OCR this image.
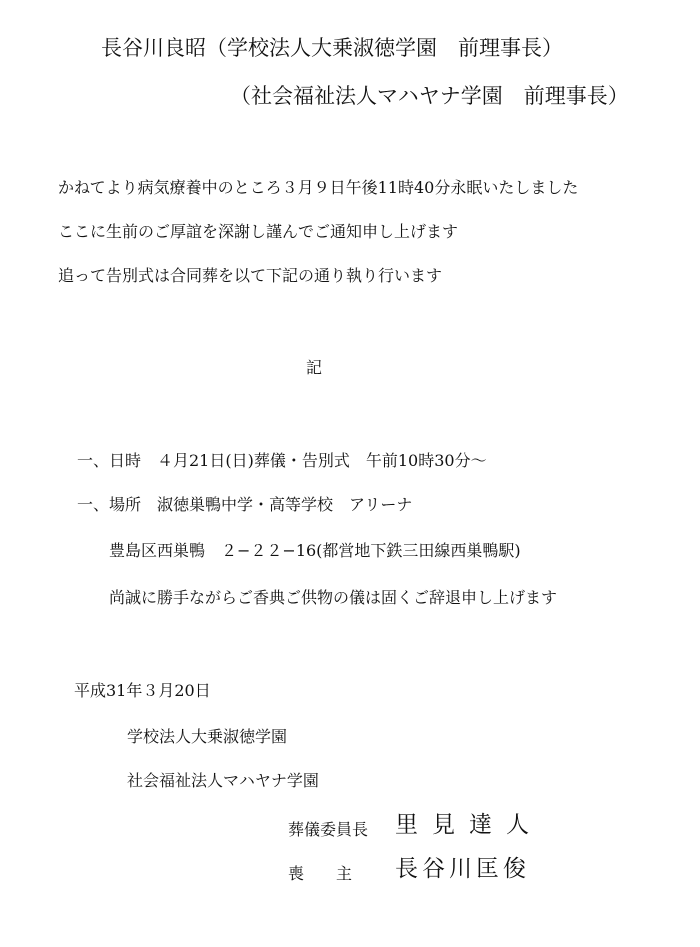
長谷川良昭（学校法人大乗淑徳学園　前理事長）
（社会福祉法人マハヤナ学園　前理事長）
かねてより病気療養中のところ３月９日午後11時40分永眠いたしました
ここに生前のご厚誼を深謝し謹んでご通知申し上げます
追って告別式は合同葬を以て下記の通り執り行います
記
一、日時　４月21日(日)葬儀・告別式　午前10時30分～
一、場所　淑徳巣鴨中学・高等学校　アリーナ
豊島区西巣鴨　２−２２−16(都営地下鉄三田線西巣鴨駅)
尚誠に勝手ながらご香典ご供物の儀は固くご辞退申し上げます
平成31年３月20日
学校法人大乗淑徳学園
社会福祉法人マハヤナ学園
葬儀委員長 里見達人
喪　　主 長谷川匡俊
